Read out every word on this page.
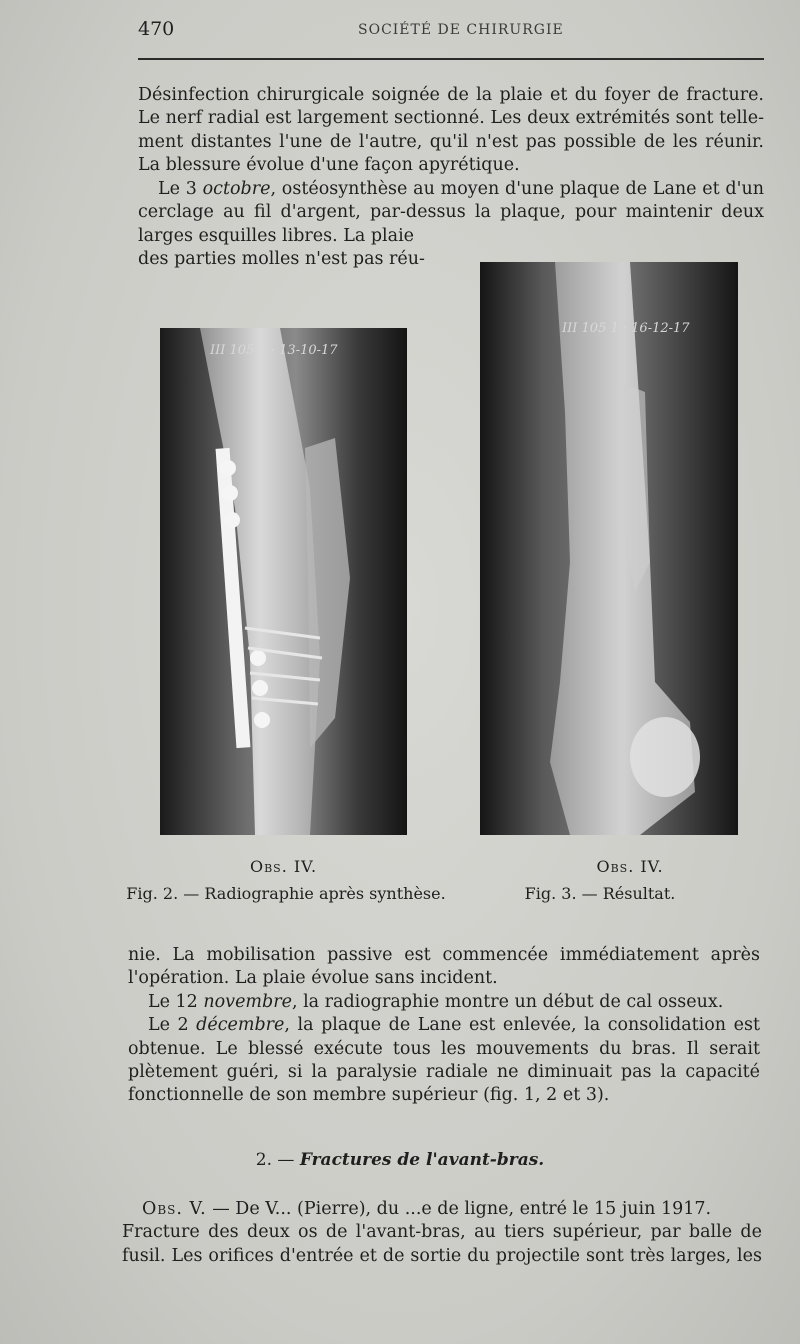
470	SOCIÉTÉ DE CHIRURGIE
Désinfection chirurgicale soignée de la plaie et du foyer de fracture.
Le nerf radial est largement sectionné. Les deux extrémités sont telle-
ment distantes l'une de l'autre, qu'il n'est pas possible de les réunir.
La blessure évolue d'une façon apyrétique.
Le 3 octobre, ostéosynthèse au moyen d'une plaque de Lane et d'un
cerclage au fil d'argent, par-dessus la plaque, pour maintenir deux
larges esquilles libres. La plaie
des parties molles n'est pas réu-
III 105 1 · 13-10-17
III 105 1 · 16-12-17
Obs. IV.
Fig. 2. — Radiographie après synthèse.
Obs. IV.
Fig. 3. — Résultat.
nie. La mobilisation passive est commencée immédiatement après
l'opération. La plaie évolue sans incident.
Le 12 novembre, la radiographie montre un début de cal osseux.
Le 2 décembre, la plaque de Lane est enlevée, la consolidation est
obtenue. Le blessé exécute tous les mouvements du bras. Il serait
plètement guéri, si la paralysie radiale ne diminuait pas la capacité
fonctionnelle de son membre supérieur (fig. 1, 2 et 3).
2. — Fractures de l'avant-bras.
Obs. V. — De V... (Pierre), du ...e de ligne, entré le 15 juin 1917.
Fracture des deux os de l'avant-bras, au tiers supérieur, par balle de
fusil. Les orifices d'entrée et de sortie du projectile sont très larges, les
